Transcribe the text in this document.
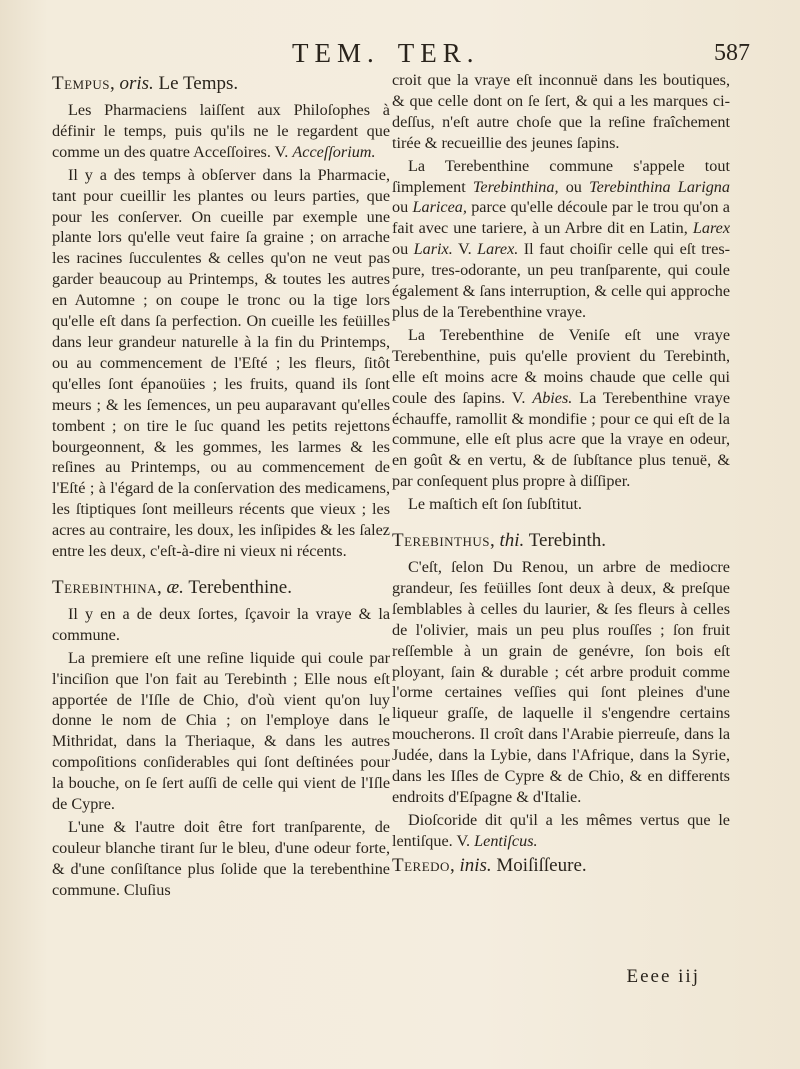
TEM. TER.	587
Tempus, oris. Le Temps.

Les Pharmaciens laiſſent aux Philoſophes à définir le temps, puis qu'ils ne le regardent que comme un des quatre Acceſſoires. V. Acceſſorium.

Il y a des temps à obſerver dans la Pharmacie, tant pour cueillir les plantes ou leurs parties, que pour les conſerver. On cueille par exemple une plante lors qu'elle veut faire ſa graine ; on arrache les racines ſucculentes & celles qu'on ne veut pas garder beaucoup au Printemps, & toutes les autres en Automne ; on coupe le tronc ou la tige lors qu'elle eſt dans ſa perfection. On cueille les feüilles dans leur grandeur naturelle à la fin du Printemps, ou au commencement de l'Eſté ; les fleurs, ſitôt qu'elles ſont épanoüies ; les fruits, quand ils ſont meurs ; & les ſemences, un peu auparavant qu'elles tombent ; on tire le ſuc quand les petits rejettons bourgeonnent, & les gommes, les larmes & les reſines au Printemps, ou au commencement de l'Eſté ; à l'égard de la conſervation des medicamens, les ſtiptiques ſont meilleurs récents que vieux ; les acres au contraire, les doux, les inſipides & les ſalez entre les deux, c'eſt-à-dire ni vieux ni récents.

Terebinthina, æ. Terebenthine.

Il y en a de deux ſortes, ſçavoir la vraye & la commune.

La premiere eſt une reſine liquide qui coule par l'inciſion que l'on fait au Terebinth ; Elle nous eſt apportée de l'Iſle de Chio, d'où vient qu'on luy donne le nom de Chia ; on l'employe dans le Mithridat, dans la Theriaque, & dans les autres compoſitions conſiderables qui ſont deſtinées pour la bouche, on ſe ſert auſſi de celle qui vient de l'Iſle de Cypre.

L'une & l'autre doit être fort tranſparente, de couleur blanche tirant ſur le bleu, d'une odeur forte, & d'une conſiſtance plus ſolide que la terebenthine commune. Cluſius

croit que la vraye eſt inconnuë dans les boutiques, & que celle dont on ſe ſert, & qui a les marques ci-deſſus, n'eſt autre choſe que la reſine fraîchement tirée & recueillie des jeunes ſapins.

La Terebenthine commune s'appele tout ſimplement Terebinthina, ou Terebinthina Larigna ou Laricea, parce qu'elle découle par le trou qu'on a fait avec une tariere, à un Arbre dit en Latin, Larex ou Larix. V. Larex. Il faut choiſir celle qui eſt tres-pure, tres-odorante, un peu tranſparente, qui coule également & ſans interruption, & celle qui approche plus de la Terebenthine vraye.

La Terebenthine de Veniſe eſt une vraye Terebenthine, puis qu'elle provient du Terebinth, elle eſt moins acre & moins chaude que celle qui coule des ſapins. V. Abies. La Terebenthine vraye échauffe, ramollit & mondifie ; pour ce qui eſt de la commune, elle eſt plus acre que la vraye en odeur, en goût & en vertu, & de ſubſtance plus tenuë, & par conſequent plus propre à diſſiper.

Le maſtich eſt ſon ſubſtitut.

Terebinthus, thi. Terebinth.

C'eſt, ſelon Du Renou, un arbre de mediocre grandeur, ſes feüilles ſont deux à deux, & preſque ſemblables à celles du laurier, & ſes fleurs à celles de l'olivier, mais un peu plus rouſſes ; ſon fruit reſſemble à un grain de genévre, ſon bois eſt ployant, ſain & durable ; cét arbre produit comme l'orme certaines veſſies qui ſont pleines d'une liqueur graſſe, de laquelle il s'engendre certains moucherons. Il croît dans l'Arabie pierreuſe, dans la Judée, dans la Lybie, dans l'Afrique, dans la Syrie, dans les Iſles de Cypre & de Chio, & en differents endroits d'Eſpagne & d'Italie.

Dioſcoride dit qu'il a les mêmes vertus que le lentiſque. V. Lentiſcus.

Teredo, inis. Moiſiſſeure.
Eeee iij
